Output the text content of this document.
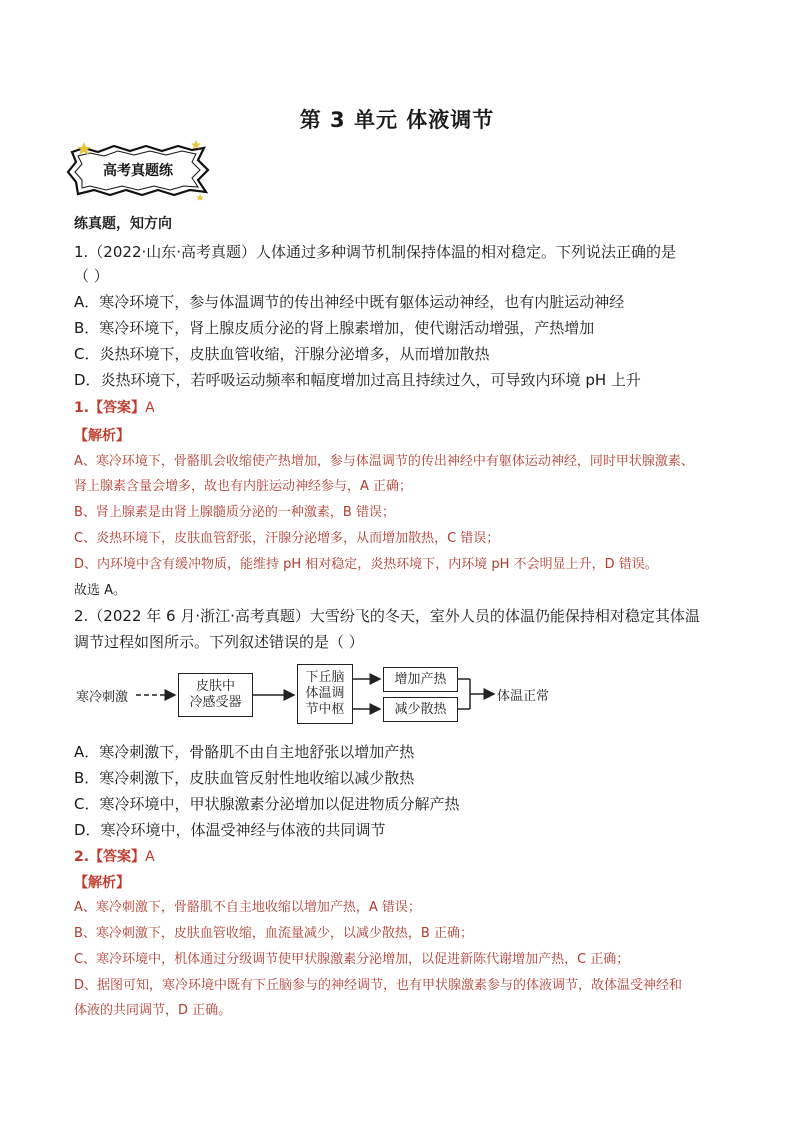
第 3 单元 体液调节
高考真题练
练真题，知方向
1.（2022·山东·高考真题）人体通过多种调节机制保持体温的相对稳定。下列说法正确的是
（ ）
A．寒冷环境下，参与体温调节的传出神经中既有躯体运动神经，也有内脏运动神经
B．寒冷环境下，肾上腺皮质分泌的肾上腺素增加，使代谢活动增强，产热增加
C．炎热环境下，皮肤血管收缩，汗腺分泌增多，从而增加散热
D．炎热环境下，若呼吸运动频率和幅度增加过高且持续过久，可导致内环境 pH 上升
1.【答案】A
【解析】
A、寒冷环境下，骨骼肌会收缩使产热增加，参与体温调节的传出神经中有躯体运动神经，同时甲状腺激素、
肾上腺素含量会增多，故也有内脏运动神经参与，A 正确；
B、肾上腺素是由肾上腺髓质分泌的一种激素，B 错误；
C、炎热环境下，皮肤血管舒张，汗腺分泌增多，从而增加散热，C 错误；
D、内环境中含有缓冲物质，能维持 pH 相对稳定，炎热环境下，内环境 pH 不会明显上升，D 错误。
故选 A。
2.（2022 年 6 月·浙江·高考真题）大雪纷飞的冬天，室外人员的体温仍能保持相对稳定其体温
调节过程如图所示。下列叙述错误的是（ ）
寒冷刺激
皮肤中
冷感受器
下丘脑
体温调
节中枢
增加产热
减少散热
体温正常
A．寒冷刺激下，骨骼肌不由自主地舒张以增加产热
B．寒冷刺激下，皮肤血管反射性地收缩以减少散热
C．寒冷环境中，甲状腺激素分泌增加以促进物质分解产热
D．寒冷环境中，体温受神经与体液的共同调节
2.【答案】A
【解析】
A、寒冷刺激下，骨骼肌不自主地收缩以增加产热，A 错误；
B、寒冷刺激下，皮肤血管收缩，血流量减少，以减少散热，B 正确；
C、寒冷环境中，机体通过分级调节使甲状腺激素分泌增加，以促进新陈代谢增加产热，C 正确；
D、据图可知，寒冷环境中既有下丘脑参与的神经调节，也有甲状腺激素参与的体液调节，故体温受神经和
体液的共同调节，D 正确。
